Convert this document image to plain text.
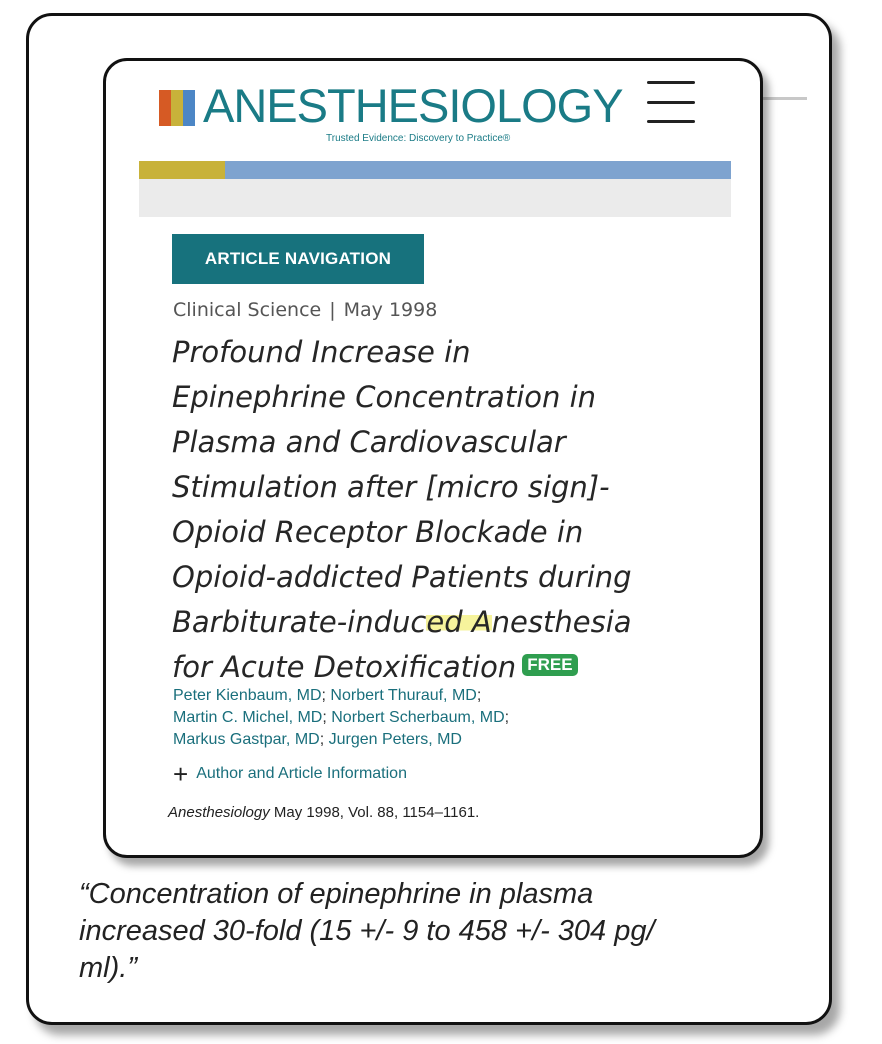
ANESTHESIOLOGY
Trusted Evidence: Discovery to Practice®
ARTICLE NAVIGATION
Clinical Science | May 1998
Profound Increase in
Epinephrine Concentration in
Plasma and Cardiovascular
Stimulation after [micro sign]-
Opioid Receptor Blockade in
Opioid-addicted Patients during
Barbiturate-induced Anesthesia
for Acute Detoxification FREE
Peter Kienbaum, MD; Norbert Thurauf, MD;
Martin C. Michel, MD; Norbert Scherbaum, MD;
Markus Gastpar, MD; Jurgen Peters, MD
+ Author and Article Information
Anesthesiology May 1998, Vol. 88, 1154–1161.
“Concentration of epinephrine in plasma
increased 30-fold (15 +/- 9 to 458 +/- 304 pg/
ml).”
